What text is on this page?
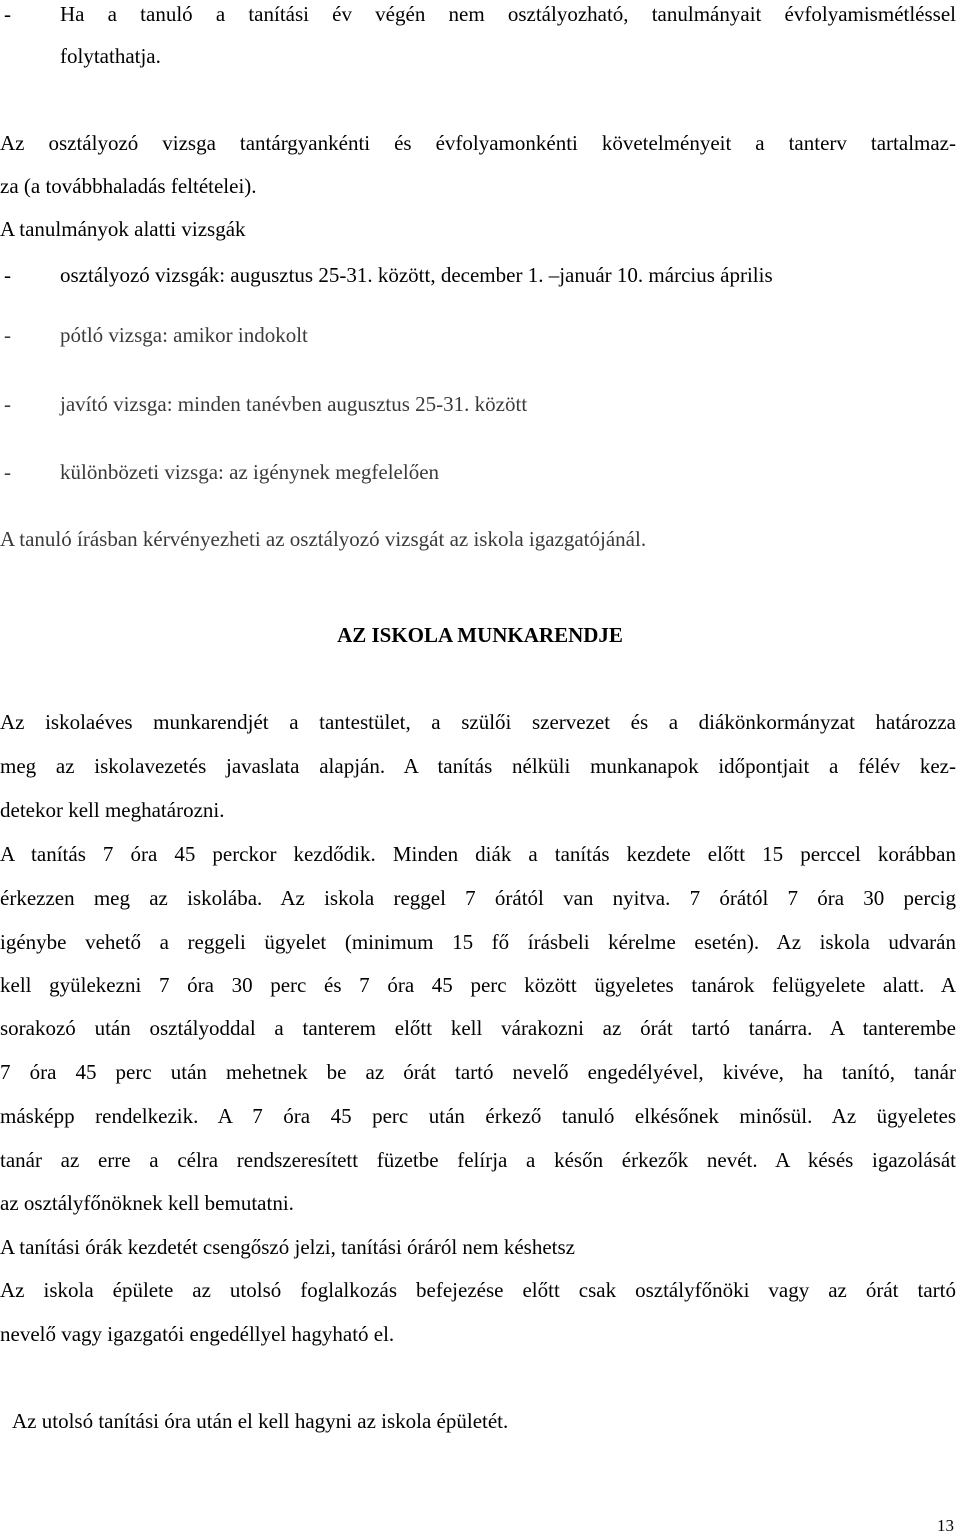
- Ha a tanuló a tanítási év végén nem osztályozható, tanulmányait évfolyamismétléssel
folytathatja.
Az osztályozó vizsga tantárgyankénti és évfolyamonkénti követelményeit a tanterv tartalmaz-
za (a továbbhaladás feltételei).
A tanulmányok alatti vizsgák
- osztályozó vizsgák: augusztus 25-31. között, december 1. –január 10. március április
- pótló vizsga: amikor indokolt
- javító vizsga: minden tanévben augusztus 25-31. között
- különbözeti vizsga: az igénynek megfelelően
A tanuló írásban kérvényezheti az osztályozó vizsgát az iskola igazgatójánál.
AZ ISKOLA MUNKARENDJE
Az iskolaéves munkarendjét a tantestület, a szülői szervezet és a diákönkormányzat határozza
meg az iskolavezetés javaslata alapján. A tanítás nélküli munkanapok időpontjait a félév kez-
detekor kell meghatározni.
A tanítás 7 óra 45 perckor kezdődik. Minden diák a tanítás kezdete előtt 15 perccel korábban
érkezzen meg az iskolába. Az iskola reggel 7 órától van nyitva. 7 órától 7 óra 30 percig
igénybe vehető a reggeli ügyelet (minimum 15 fő írásbeli kérelme esetén). Az iskola udvarán
kell gyülekezni 7 óra 30 perc és 7 óra 45 perc között ügyeletes tanárok felügyelete alatt. A
sorakozó után osztályoddal a tanterem előtt kell várakozni az órát tartó tanárra. A tanterembe
7 óra 45 perc után mehetnek be az órát tartó nevelő engedélyével, kivéve, ha tanító, tanár
másképp rendelkezik. A 7 óra 45 perc után érkező tanuló elkésőnek minősül. Az ügyeletes
tanár az erre a célra rendszeresített füzetbe felírja a későn érkezők nevét. A késés igazolását
az osztályfőnöknek kell bemutatni.
A tanítási órák kezdetét csengőszó jelzi, tanítási óráról nem késhetsz
Az iskola épülete az utolsó foglalkozás befejezése előtt csak osztályfőnöki vagy az órát tartó
nevelő vagy igazgatói engedéllyel hagyható el.
Az utolsó tanítási óra után el kell hagyni az iskola épületét.
13
